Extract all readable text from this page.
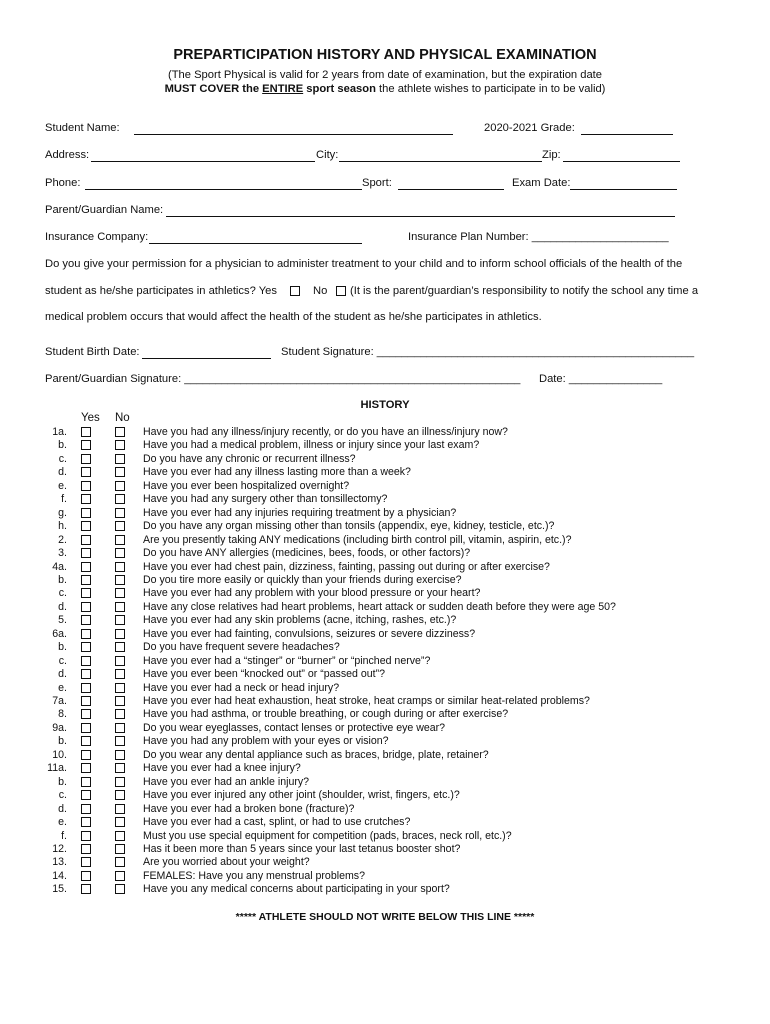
PREPARTICIPATION HISTORY AND PHYSICAL EXAMINATION
(The Sport Physical is valid for 2 years from date of examination, but the expiration date
MUST COVER the ENTIRE sport season the athlete wishes to participate in to be valid)
Student Name:	2020-2021 Grade:
Address:	City:	Zip:
Phone:	Sport:	Exam Date:
Parent/Guardian Name:
Insurance Company:	Insurance Plan Number: ______________________
Do you give your permission for a physician to administer treatment to your child and to inform school officials of the health of the
student as he/she participates in athletics? Yes	No (It is the parent/guardian’s responsibility to notify the school any time a
medical problem occurs that would affect the health of the student as he/she participates in athletics.
Student Birth Date:	Student Signature: ___________________________________________________
Parent/Guardian Signature: ______________________________________________________ Date: _______________
HISTORY
Yes No
1a.	Have you had any illness/injury recently, or do you have an illness/injury now?
b.	Have you had a medical problem, illness or injury since your last exam?
c.	Do you have any chronic or recurrent illness?
d.	Have you ever had any illness lasting more than a week?
e.	Have you ever been hospitalized overnight?
f.	Have you had any surgery other than tonsillectomy?
g.	Have you ever had any injuries requiring treatment by a physician?
h.	Do you have any organ missing other than tonsils (appendix, eye, kidney, testicle, etc.)?
2.	Are you presently taking ANY medications (including birth control pill, vitamin, aspirin, etc.)?
3.	Do you have ANY allergies (medicines, bees, foods, or other factors)?
4a.	Have you ever had chest pain, dizziness, fainting, passing out during or after exercise?
b.	Do you tire more easily or quickly than your friends during exercise?
c.	Have you ever had any problem with your blood pressure or your heart?
d.	Have any close relatives had heart problems, heart attack or sudden death before they were age 50?
5.	Have you ever had any skin problems (acne, itching, rashes, etc.)?
6a.	Have you ever had fainting, convulsions, seizures or severe dizziness?
b.	Do you have frequent severe headaches?
c.	Have you ever had a “stinger” or “burner” or “pinched nerve”?
d.	Have you ever been “knocked out” or “passed out”?
e.	Have you ever had a neck or head injury?
7a.	Have you ever had heat exhaustion, heat stroke, heat cramps or similar heat-related problems?
8.	Have you had asthma, or trouble breathing, or cough during or after exercise?
9a.	Do you wear eyeglasses, contact lenses or protective eye wear?
b.	Have you had any problem with your eyes or vision?
10.	Do you wear any dental appliance such as braces, bridge, plate, retainer?
11a.	Have you ever had a knee injury?
b.	Have you ever had an ankle injury?
c.	Have you ever injured any other joint (shoulder, wrist, fingers, etc.)?
d.	Have you ever had a broken bone (fracture)?
e.	Have you ever had a cast, splint, or had to use crutches?
f.	Must you use special equipment for competition (pads, braces, neck roll, etc.)?
12.	Has it been more than 5 years since your last tetanus booster shot?
13.	Are you worried about your weight?
14.	FEMALES: Have you any menstrual problems?
15.	Have you any medical concerns about participating in your sport?
***** ATHLETE SHOULD NOT WRITE BELOW THIS LINE *****
